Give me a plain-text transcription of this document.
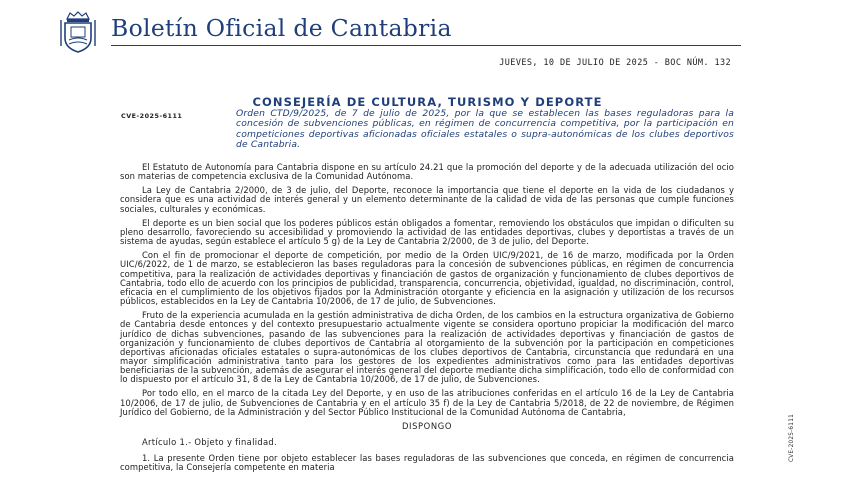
Boletín Oficial de Cantabria
JUEVES, 10 DE JULIO DE 2025 - BOC NÚM. 132
CONSEJERÍA DE CULTURA, TURISMO Y DEPORTE
CVE-2025-6111	Orden CTD/9/2025, de 7 de julio de 2025, por la que se establecen las bases reguladoras para la concesión de subvenciones públicas, en régimen de concurrencia competitiva, por la participación en competiciones deportivas aficionadas oficiales estatales o supra-autonómicas de los clubes deportivos de Cantabria.

El Estatuto de Autonomía para Cantabria dispone en su artículo 24.21 que la promoción del deporte y de la adecuada utilización del ocio son materias de competencia exclusiva de la Comunidad Autónoma.

La Ley de Cantabria 2/2000, de 3 de julio, del Deporte, reconoce la importancia que tiene el deporte en la vida de los ciudadanos y considera que es una actividad de interés general y un elemento determinante de la calidad de vida de las personas que cumple funciones sociales, culturales y económicas.

El deporte es un bien social que los poderes públicos están obligados a fomentar, removiendo los obstáculos que impidan o dificulten su pleno desarrollo, favoreciendo su accesibilidad y promoviendo la actividad de las entidades deportivas, clubes y deportistas a través de un sistema de ayudas, según establece el artículo 5 g) de la Ley de Cantabria 2/2000, de 3 de julio, del Deporte.

Con el fin de promocionar el deporte de competición, por medio de la Orden UIC/9/2021, de 16 de marzo, modificada por la Orden UIC/6/2022, de 1 de marzo, se establecieron las bases reguladoras para la concesión de subvenciones públicas, en régimen de concurrencia competitiva, para la realización de actividades deportivas y financiación de gastos de organización y funcionamiento de clubes deportivos de Cantabria, todo ello de acuerdo con los principios de publicidad, transparencia, concurrencia, objetividad, igualdad, no discriminación, control, eficacia en el cumplimiento de los objetivos fijados por la Administración otorgante y eficiencia en la asignación y utilización de los recursos públicos, establecidos en la Ley de Cantabria 10/2006, de 17 de julio, de Subvenciones.

Fruto de la experiencia acumulada en la gestión administrativa de dicha Orden, de los cambios en la estructura organizativa de Gobierno de Cantabria desde entonces y del contexto presupuestario actualmente vigente se considera oportuno propiciar la modificación del marco jurídico de dichas subvenciones, pasando de las subvenciones para la realización de actividades deportivas y financiación de gastos de organización y funcionamiento de clubes deportivos de Cantabria al otorgamiento de la subvención por la participación en competiciones deportivas aficionadas oficiales estatales o supra-autonómicas de los clubes deportivos de Cantabria, circunstancia que redundará en una mayor simplificación administrativa tanto para los gestores de los expedientes administrativos como para las entidades deportivas beneficiarias de la subvención, además de asegurar el interés general del deporte mediante dicha simplificación, todo ello de conformidad con lo dispuesto por el artículo 31, 8 de la Ley de Cantabria 10/2006, de 17 de julio, de Subvenciones.

Por todo ello, en el marco de la citada Ley del Deporte, y en uso de las atribuciones conferidas en el artículo 16 de la Ley de Cantabria 10/2006, de 17 de julio, de Subvenciones de Cantabria y en el artículo 35 f) de la Ley de Cantabria 5/2018, de 22 de noviembre, de Régimen Jurídico del Gobierno, de la Administración y del Sector Público Institucional de la Comunidad Autónoma de Cantabria,

DISPONGO

Artículo 1.- Objeto y finalidad.

1. La presente Orden tiene por objeto establecer las bases reguladoras de las subvenciones que conceda, en régimen de concurrencia competitiva, la Consejería competente en materia

CVE-2025-6111
